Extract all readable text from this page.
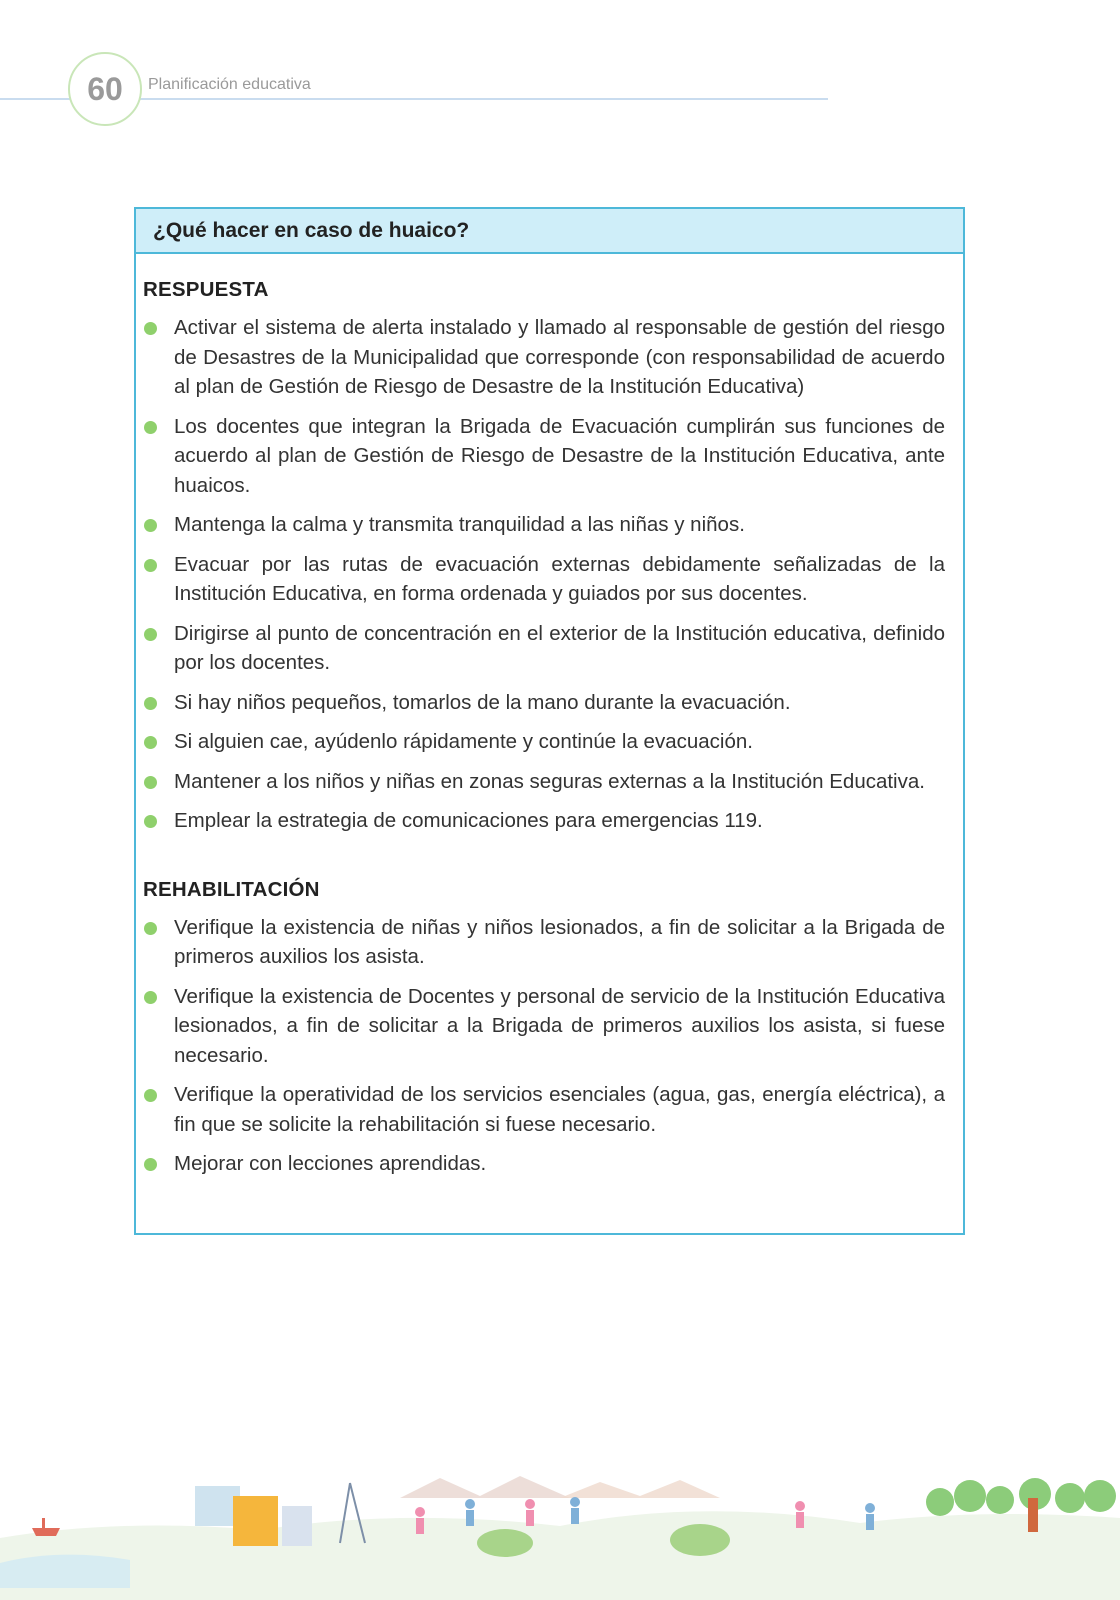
60	Planificación educativa
¿Qué hacer en caso de huaico?
RESPUESTA
Activar el sistema de alerta instalado y llamado al responsable de gestión del riesgo de Desastres de la Municipalidad que corresponde (con responsabilidad de acuerdo al plan de Gestión de Riesgo de Desastre de la Institución Educativa)
Los docentes que integran la Brigada de Evacuación cumplirán sus funciones de acuerdo al plan de Gestión de Riesgo de Desastre de la Institución Educativa, ante huaicos.
Mantenga la calma y transmita tranquilidad a las niñas y niños.
Evacuar por las rutas de evacuación externas debidamente señalizadas de la Institución Educativa, en forma ordenada y guiados por sus docentes.
Dirigirse al punto de concentración en el exterior de la Institución educativa, definido por los docentes.
Si hay niños pequeños, tomarlos de la mano durante la evacuación.
Si alguien cae, ayúdenlo rápidamente y continúe la evacuación.
Mantener a los niños y niñas en zonas seguras externas a la Institución Educativa.
Emplear la estrategia de comunicaciones para emergencias 119.
REHABILITACIÓN
Verifique la existencia de niñas y niños lesionados, a fin de solicitar a la Brigada de primeros auxilios los asista.
Verifique la existencia de Docentes y personal de servicio de la Institución Educativa lesionados, a fin de solicitar a la Brigada de primeros auxilios los asista, si fuese necesario.
Verifique la operatividad de los servicios esenciales (agua, gas, energía eléctrica), a fin que se solicite la rehabilitación si fuese necesario.
Mejorar con lecciones aprendidas.
